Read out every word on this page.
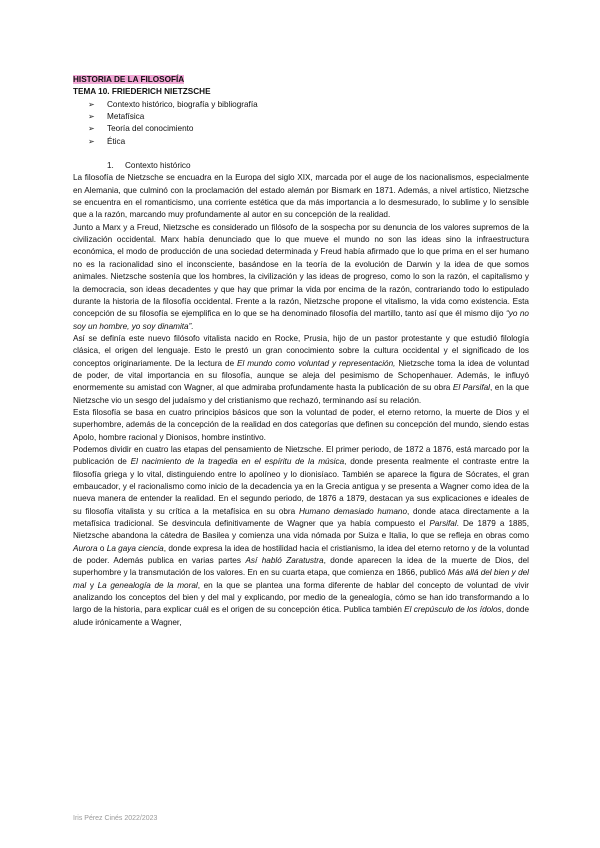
HISTORIA DE LA FILOSOFÍA
TEMA 10. FRIEDERICH NIETZSCHE
➢ Contexto histórico, biografía y bibliografía
➢ Metafísica
➢ Teoría del conocimiento
➢ Ética
1. Contexto histórico

La filosofía de Nietzsche se encuadra en la Europa del siglo XIX, marcada por el auge de los nacionalismos, especialmente en Alemania, que culminó con la proclamación del estado alemán por Bismark en 1871. Además, a nivel artístico, Nietzsche se encuentra en el romanticismo, una corriente estética que da más importancia a lo desmesurado, lo sublime y lo sensible que a la razón, marcando muy profundamente al autor en su concepción de la realidad.

Junto a Marx y a Freud, Nietzsche es considerado un filósofo de la sospecha por su denuncia de los valores supremos de la civilización occidental. Marx había denunciado que lo que mueve el mundo no son las ideas sino la infraestructura económica, el modo de producción de una sociedad determinada y Freud había afirmado que lo que prima en el ser humano no es la racionalidad sino el inconsciente, basándose en la teoría de la evolución de Darwin y la idea de que somos animales. Nietzsche sostenía que los hombres, la civilización y las ideas de progreso, como lo son la razón, el capitalismo y la democracia, son ideas decadentes y que hay que primar la vida por encima de la razón, contrariando todo lo estipulado durante la historia de la filosofía occidental. Frente a la razón, Nietzsche propone el vitalismo, la vida como existencia. Esta concepción de su filosofía se ejemplifica en lo que se ha denominado filosofía del martillo, tanto así que él mismo dijo “yo no soy un hombre, yo soy dinamita”.

Así se definía este nuevo filósofo vitalista nacido en Rocke, Prusia, hijo de un pastor protestante y que estudió filología clásica, el origen del lenguaje. Esto le prestó un gran conocimiento sobre la cultura occidental y el significado de los conceptos originariamente. De la lectura de El mundo como voluntad y representación, Nietzsche toma la idea de voluntad de poder, de vital importancia en su filosofía, aunque se aleja del pesimismo de Schopenhauer. Además, le influyó enormemente su amistad con Wagner, al que admiraba profundamente hasta la publicación de su obra El Parsifal, en la que Nietzsche vio un sesgo del judaísmo y del cristianismo que rechazó, terminando así su relación.

Esta filosofía se basa en cuatro principios básicos que son la voluntad de poder, el eterno retorno, la muerte de Dios y el superhombre, además de la concepción de la realidad en dos categorías que definen su concepción del mundo, siendo estas Apolo, hombre racional y Dionisos, hombre instintivo.

Podemos dividir en cuatro las etapas del pensamiento de Nietzsche. El primer periodo, de 1872 a 1876, está marcado por la publicación de El nacimiento de la tragedia en el espíritu de la música, donde presenta realmente el contraste entre la filosofía griega y lo vital, distinguiendo entre lo apolíneo y lo dionisíaco. También se aparece la figura de Sócrates, el gran embaucador, y el racionalismo como inicio de la decadencia ya en la Grecia antigua y se presenta a Wagner como idea de la nueva manera de entender la realidad. En el segundo periodo, de 1876 a 1879, destacan ya sus explicaciones e ideales de su filosofía vitalista y su crítica a la metafísica en su obra Humano demasiado humano, donde ataca directamente a la metafísica tradicional. Se desvincula definitivamente de Wagner que ya había compuesto el Parsifal. De 1879 a 1885, Nietzsche abandona la cátedra de Basilea y comienza una vida nómada por Suiza e Italia, lo que se refleja en obras como Aurora o La gaya ciencia, donde expresa la idea de hostilidad hacia el cristianismo, la idea del eterno retorno y de la voluntad de poder. Además publica en varias partes Así habló Zaratustra, donde aparecen la idea de la muerte de Dios, del superhombre y la transmutación de los valores. En en su cuarta etapa, que comienza en 1866, publicó Más allá del bien y del mal y La genealogía de la moral, en la que se plantea una forma diferente de hablar del concepto de voluntad de vivir analizando los conceptos del bien y del mal y explicando, por medio de la genealogía, cómo se han ido transformando a lo largo de la historia, para explicar cuál es el origen de su concepción ética. Publica también El crepúsculo de los ídolos, donde alude irónicamente a Wagner,

Iris Pérez Cinés 2022/2023
